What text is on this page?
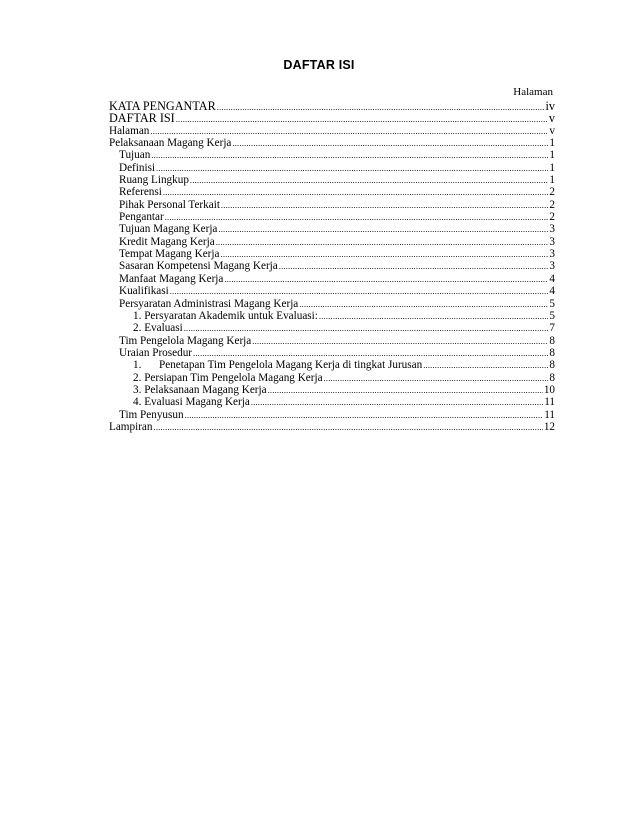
DAFTAR ISI
Halaman
KATA PENGANTAR .....	iv
DAFTAR ISI .....	v
Halaman .....	v
Pelaksanaan Magang Kerja .....	1
Tujuan .....	1
Definisi .....	1
Ruang Lingkup .....	1
Referensi .....	2
Pihak Personal Terkait .....	2
Pengantar .....	2
Tujuan Magang Kerja .....	3
Kredit Magang Kerja .....	3
Tempat Magang Kerja .....	3
Sasaran Kompetensi Magang Kerja .....	3
Manfaat Magang Kerja .....	4
Kualifikasi .....	4
Persyaratan Administrasi Magang Kerja .....	5
1. Persyaratan Akademik untuk Evaluasi: .....	5
2. Evaluasi .....	7
Tim Pengelola Magang Kerja .....	8
Uraian Prosedur .....	8
1. Penetapan Tim Pengelola Magang Kerja di tingkat Jurusan .....	8
2. Persiapan Tim Pengelola Magang Kerja .....	8
3. Pelaksanaan Magang Kerja .....	10
4. Evaluasi Magang Kerja .....	11
Tim Penyusun .....	11
Lampiran .....	12
